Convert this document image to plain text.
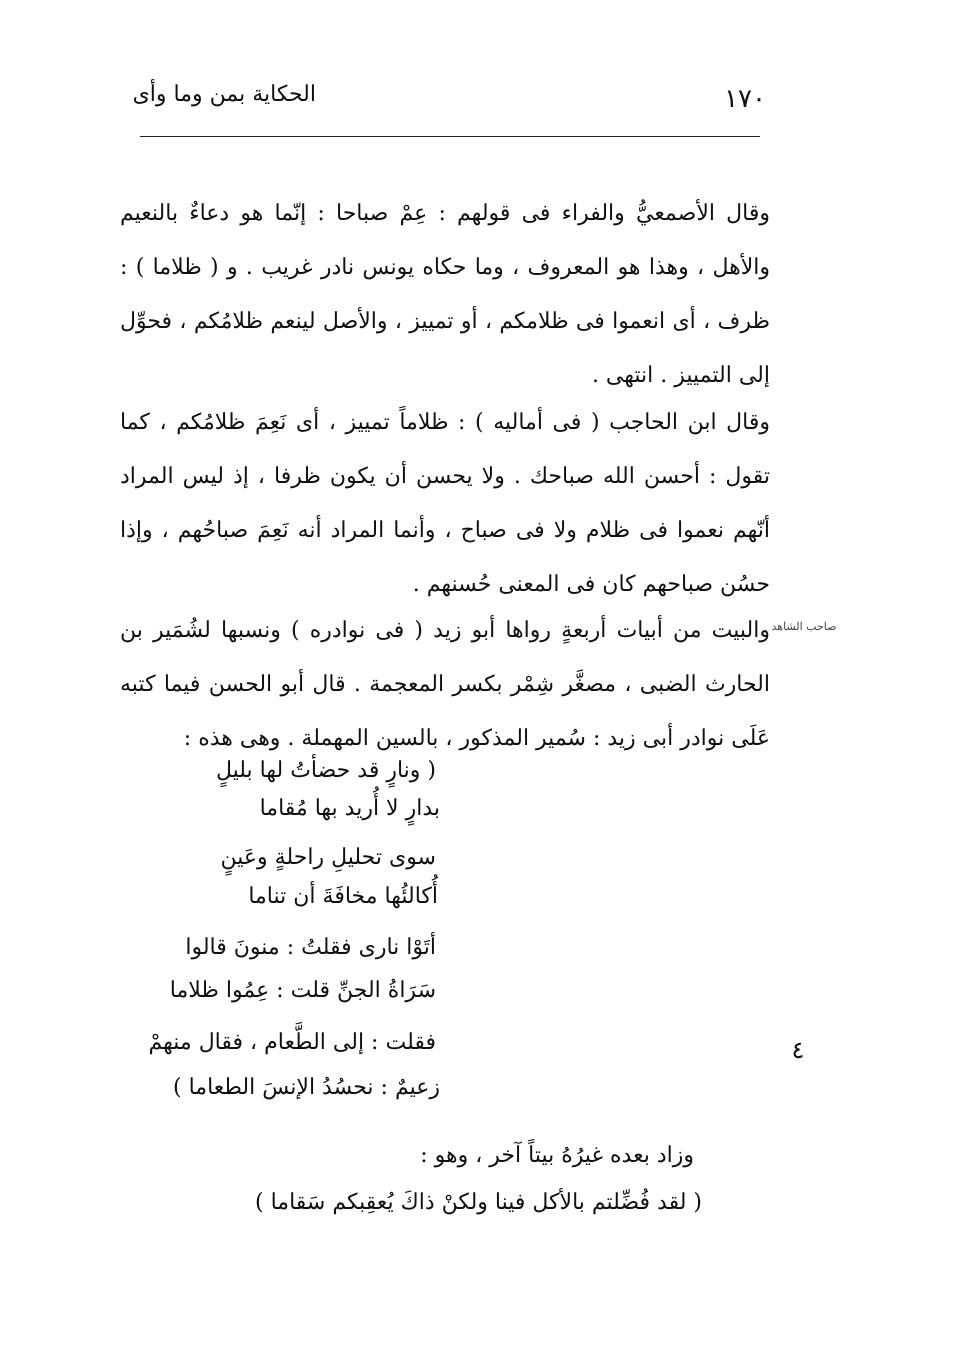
١٧٠
الحكاية بمن وما وأى

وقال الأصمعيُّ والفراء فى قولهم : عِمْ صباحا : إنّما هو دعاءٌ بالنعيم والأهل ، وهذا هو المعروف ، وما حكاه يونس نادر غريب . و ( ظلاما ) : ظرف ، أى انعموا فى ظلامكم ، أو تمييز ، والأصل لينعم ظلامُكم ، فحوِّل إلى التمييز . انتهى .

وقال ابن الحاجب ( فى أماليه ) : ظلاماً تمييز ، أى نَعِمَ ظلامُكم ، كما تقول : أحسن الله صباحك . ولا يحسن أن يكون ظرفا ، إذ ليس المراد أنّهم نعموا فى ظلام ولا فى صباح ، وأنما المراد أنه نَعِمَ صباحُهم ، وإذا حسُن صباحهم كان فى المعنى حُسنهم .

والبيت من أبيات أربعةٍ رواها أبو زيد ( فى نوادره ) ونسبها لشُمَير بن الحارث الضبى ، مصغَّر شِمْر بكسر المعجمة . قال أبو الحسن فيما كتبه عَلَى نوادر أبى زيد : سُمير المذكور ، بالسين المهملة . وهى هذه :

صاحب الشاهد
٤

( ونارٍ قد حضأتُ لها بليلٍ

بدارٍ لا أُريد بها مُقاما

سوى تحليلِ راحلةٍ وعَينٍ

أُكالئُها مخافَةَ أن تناما

أتَوْا نارى فقلتُ : منونَ قالوا

سَرَاةُ الجنِّ قلت : عِمُوا ظلاما

فقلت : إلى الطَّعام ، فقال منهمْ

زعيمٌ : نحسُدُ الإنسَ الطعاما )

وزاد بعده غيرُهُ بيتاً آخر ، وهو :

( لقد فُضِّلتم بالأكل فينا ولكنْ ذاكَ يُعقِبكم سَقاما )
